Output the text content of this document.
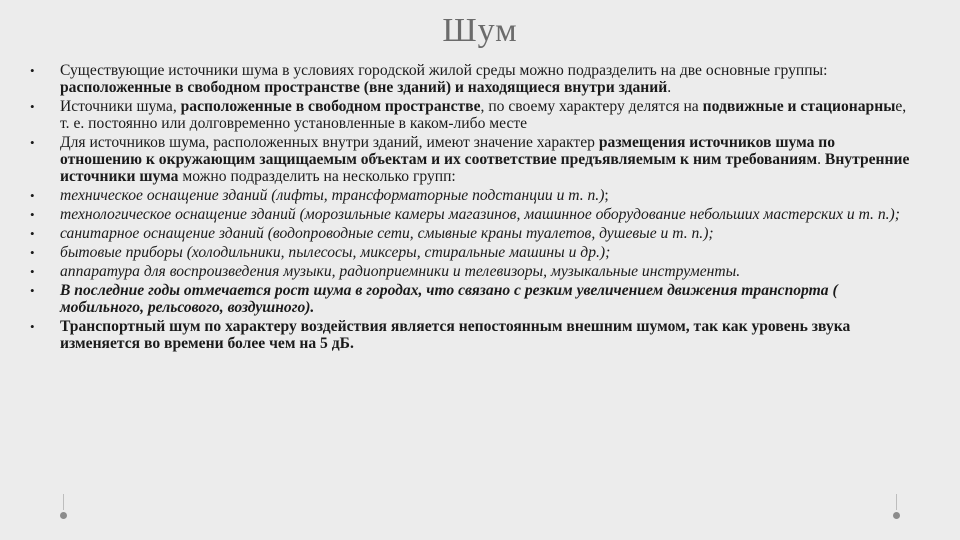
Шум
• Существующие источники шума в условиях городской жилой среды можно подразделить на две основные группы: расположенные в свободном пространстве (вне зданий) и находящиеся внутри зданий.
• Источники шума, расположенные в свободном пространстве, по своему характеру делятся на подвижные и стационарные, т. е. постоянно или долговременно установленные в каком-либо месте
• Для источников шума, расположенных внутри зданий, имеют значение характер размещения источников шума по отношению к окружающим защищаемым объектам и их соответствие предъявляемым к ним требованиям. Внутренние источники шума можно подразделить на несколько групп:
• техническое оснащение зданий (лифты, трансформаторные подстанции и т. п.);
• технологическое оснащение зданий (морозильные камеры магазинов, машинное оборудование небольших мастерских и т. п.);
• санитарное оснащение зданий (водопроводные сети, смывные краны туалетов, душевые и т. п.);
• бытовые приборы (холодильники, пылесосы, миксеры, стиральные машины и др.);
• аппаратура для воспроизведения музыки, радиоприемники и телевизоры, музыкальные инструменты.
• В последние годы отмечается рост шума в городах, что связано с резким увеличением движения транспорта ( мобильного, рельсового, воздушного).
• Транспортный шум по характеру воздействия является непостоянным внешним шумом, так как уровень звука изменяется во времени более чем на 5 дБ.
